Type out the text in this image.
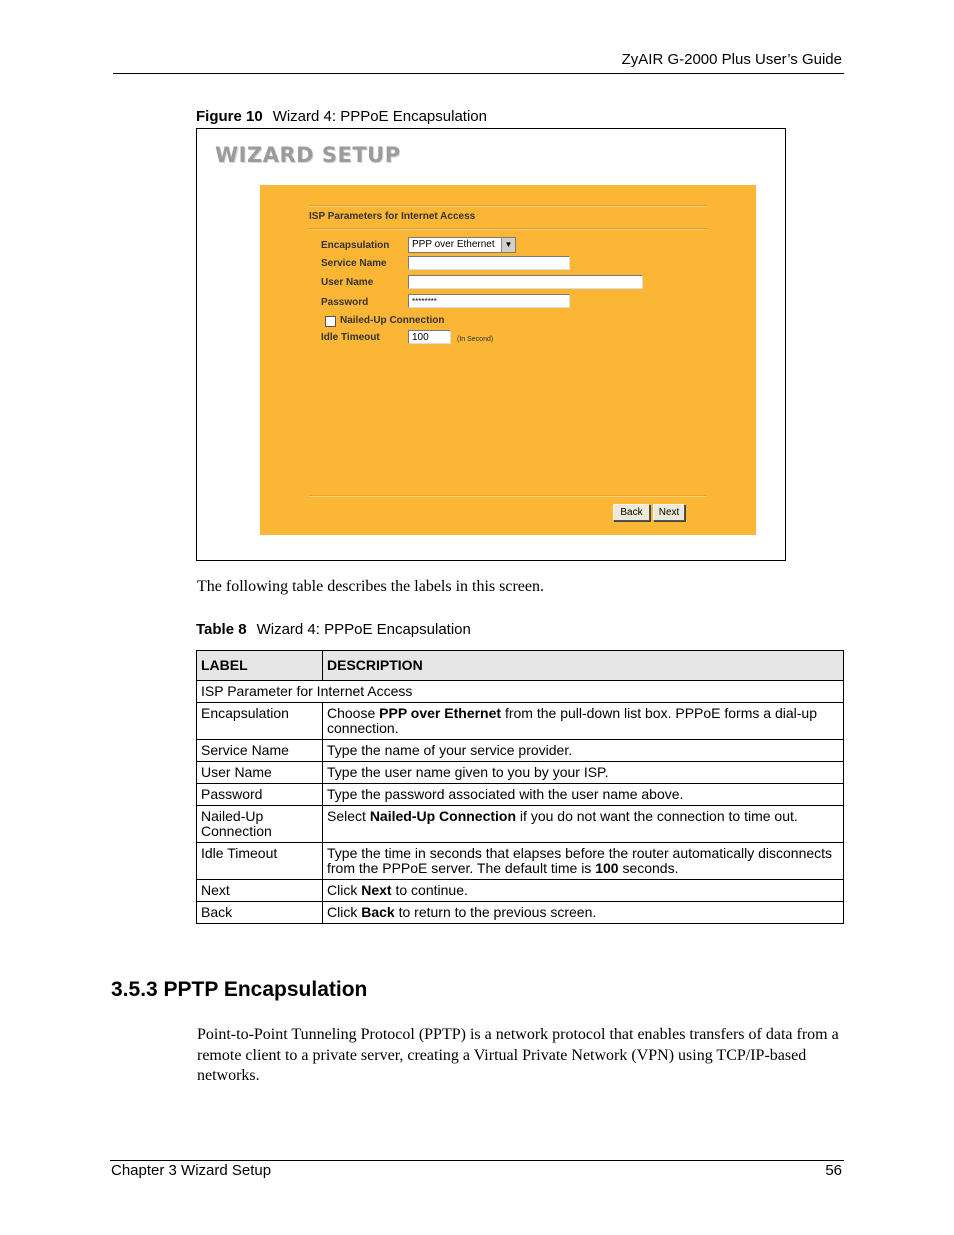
ZyAIR G-2000 Plus User’s Guide
Figure 10 Wizard 4: PPPoE Encapsulation
WIZARD SETUP
ISP Parameters for Internet Access
Encapsulation	PPP over Ethernet	▼
Service Name
User Name
Password	********
Nailed-Up Connection
Idle Timeout	100	(In Second)
Back	Next
The following table describes the labels in this screen.
Table 8 Wizard 4: PPPoE Encapsulation
LABEL	DESCRIPTION
ISP Parameter for Internet Access	
Encapsulation	Choose PPP over Ethernet from the pull-down list box. PPPoE forms a dial-up connection.
Service Name	Type the name of your service provider.
User Name	Type the user name given to you by your ISP.
Password	Type the password associated with the user name above.
Nailed-Up Connection	Select Nailed-Up Connection if you do not want the connection to time out.
Idle Timeout	Type the time in seconds that elapses before the router automatically disconnects from the PPPoE server. The default time is 100 seconds.
Next	Click Next to continue.
Back	Click Back to return to the previous screen.
3.5.3 PPTP Encapsulation
Point-to-Point Tunneling Protocol (PPTP) is a network protocol that enables transfers of data from a remote client to a private server, creating a Virtual Private Network (VPN) using TCP/IP-based networks.
Chapter 3 Wizard Setup	56
